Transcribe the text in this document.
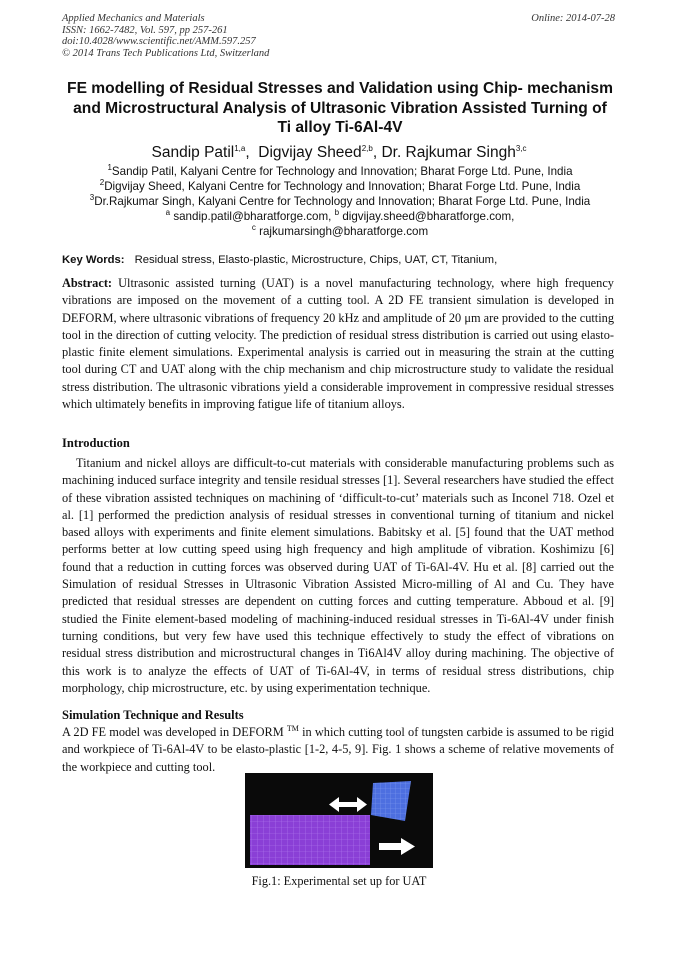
Applied Mechanics and Materials
ISSN: 1662-7482, Vol. 597, pp 257-261
doi:10.4028/www.scientific.net/AMM.597.257
© 2014 Trans Tech Publications Ltd, Switzerland
Online: 2014-07-28
FE modelling of Residual Stresses and Validation using Chip- mechanism and Microstructural Analysis of Ultrasonic Vibration Assisted Turning of Ti alloy Ti-6Al-4V
Sandip Patil$^{1,a}$,  Digvijay Sheed$^{2,b}$, Dr. Rajkumar Singh$^{3,c}$
$^1$Sandip Patil, Kalyani Centre for Technology and Innovation; Bharat Forge Ltd. Pune, India
$^2$Digvijay Sheed, Kalyani Centre for Technology and Innovation; Bharat Forge Ltd. Pune, India
$^3$Dr.Rajkumar Singh, Kalyani Centre for Technology and Innovation; Bharat Forge Ltd. Pune, India
$^a$ sandip.patil@bharatforge.com, $^b$ digvijay.sheed@bharatforge.com,
$^c$ rajkumarsingh@bharatforge.com
Key Words: Residual stress, Elasto-plastic, Microstructure, Chips, UAT, CT, Titanium,
Abstract: Ultrasonic assisted turning (UAT) is a novel manufacturing technology, where high frequency vibrations are imposed on the movement of a cutting tool. A 2D FE transient simulation is developed in DEFORM, where ultrasonic vibrations of frequency 20 kHz and amplitude of 20 μm are provided to the cutting tool in the direction of cutting velocity. The prediction of residual stress distribution is carried out using elasto-plastic finite element simulations. Experimental analysis is carried out in measuring the strain at the cutting tool during CT and UAT along with the chip mechanism and chip microstructure study to validate the residual stress distribution. The ultrasonic vibrations yield a considerable improvement in compressive residual stresses which ultimately benefits in improving fatigue life of titanium alloys.
Introduction
Titanium and nickel alloys are difficult-to-cut materials with considerable manufacturing problems such as machining induced surface integrity and tensile residual stresses [1]. Several researchers have studied the effect of these vibration assisted techniques on machining of ‘difficult-to-cut’ materials such as Inconel 718. Ozel et al. [1] performed the prediction analysis of residual stresses in conventional turning of titanium and nickel based alloys with experiments and finite element simulations. Babitsky et al. [5] found that the UAT method performs better at low cutting speed using high frequency and high amplitude of vibration. Koshimizu [6] found that a reduction in cutting forces was observed during UAT of Ti-6Al-4V. Hu et al. [8] carried out the Simulation of residual Stresses in Ultrasonic Vibration Assisted Micro-milling of Al and Cu. They have predicted that residual stresses are dependent on cutting forces and cutting temperature. Abboud et al. [9] studied the Finite element-based modeling of machining-induced residual stresses in Ti-6Al-4V under finish turning conditions, but very few have used this technique effectively to study the effect of vibrations on residual stress distribution and microstructural changes in Ti6Al4V alloy during machining. The objective of this work is to analyze the effects of UAT of Ti-6Al-4V, in terms of residual stress distributions, chip morphology, chip microstructure, etc. by using experimentation technique.
Simulation Technique and Results
A 2D FE model was developed in DEFORM ™ in which cutting tool of tungsten carbide is assumed to be rigid and workpiece of Ti-6Al-4V to be elasto-plastic [1-2, 4-5, 9]. Fig. 1 shows a scheme of relative movements of the workpiece and cutting tool.
Fig.1: Experimental set up for UAT
